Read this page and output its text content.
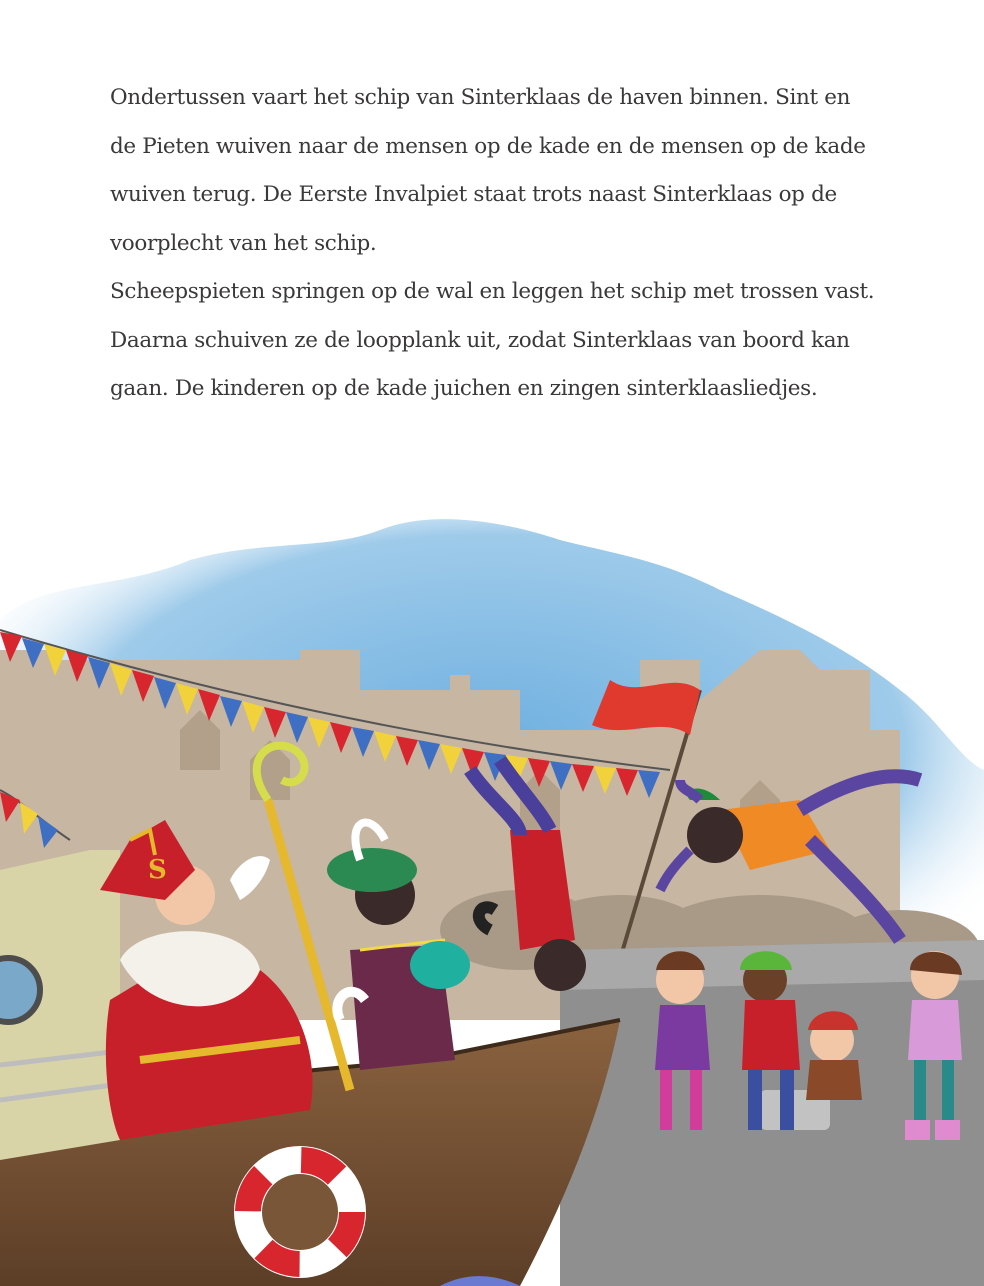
Ondertussen vaart het schip van Sinterklaas de haven binnen. Sint en
de Pieten wuiven naar de mensen op de kade en de mensen op de kade
wuiven terug. De Eerste Invalpiet staat trots naast Sinterklaas op de
voorplecht van het schip.
Scheepspieten springen op de wal en leggen het schip met trossen vast.
Daarna schuiven ze de loopplank uit, zodat Sinterklaas van boord kan
gaan. De kinderen op de kade juichen en zingen sinterklaasliedjes.
S
